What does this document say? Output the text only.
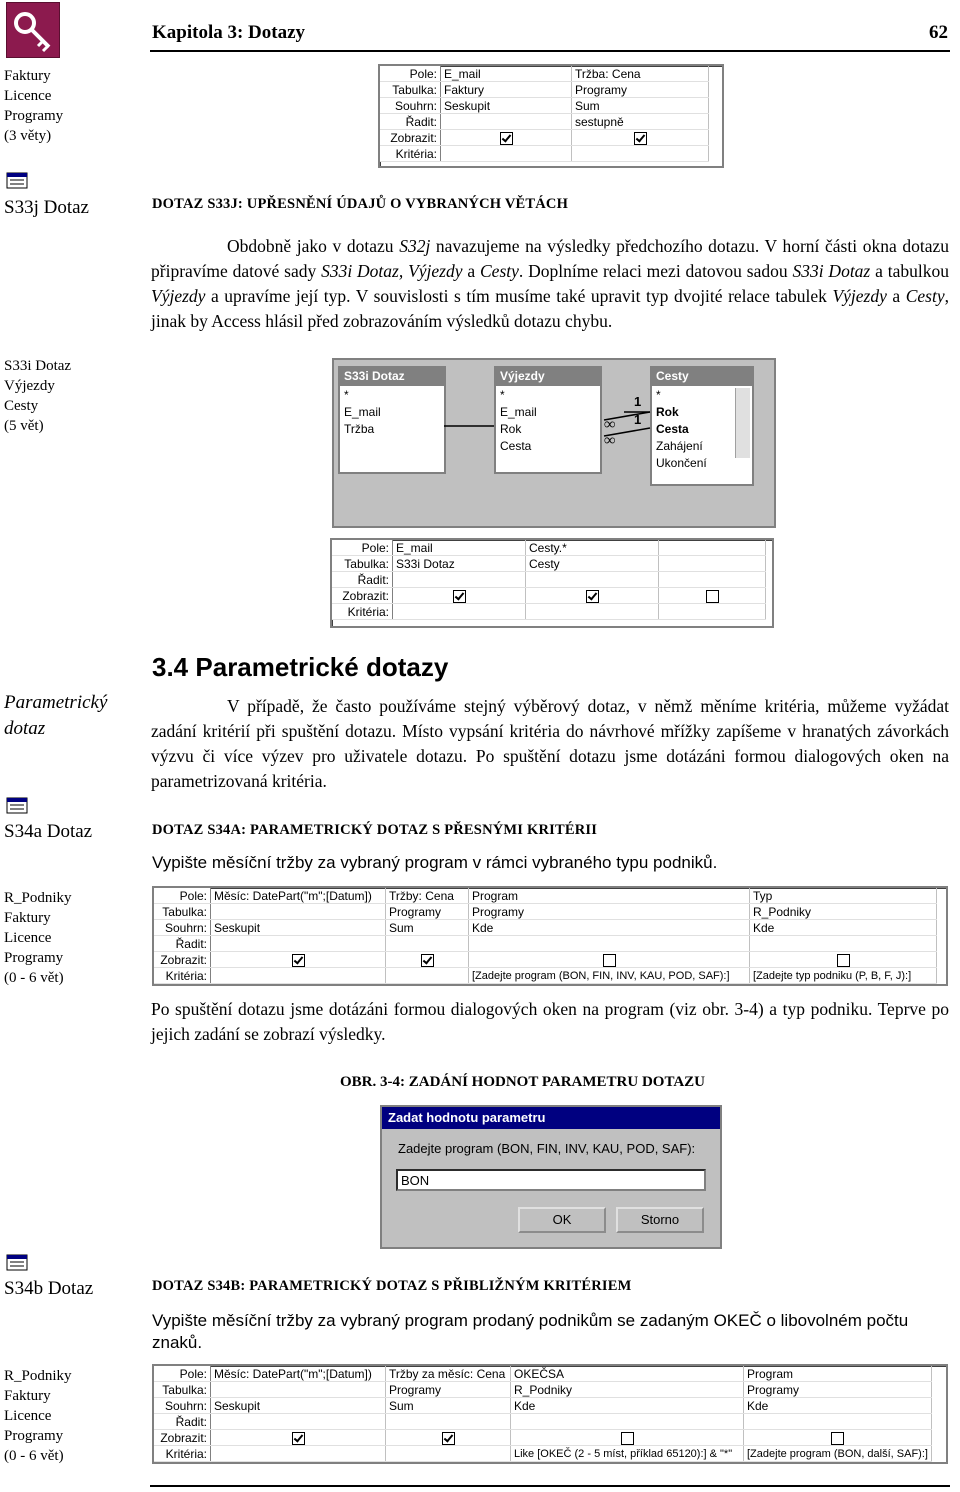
Kapitola 3: Dotazy	62
Faktury
Licence
Programy
(3 věty)
Pole:	E_mail	Tržba: Cena
Tabulka:	Faktury	Programy
Souhrn:	Seskupit	Sum
Řadit:		sestupně
Zobrazit:		
Kritéria:		
S33j Dotaz	DOTAZ S33J: UPŘESNĚNÍ ÚDAJŮ O VYBRANÝCH VĚTÁCH
Obdobně jako v dotazu S32j navazujeme na výsledky předchozího dotazu. V horní části okna dotazu připravíme datové sady S33i Dotaz, Výjezdy a Cesty. Doplníme relaci mezi datovou sadou S33i Dotaz a tabulkou Výjezdy a upravíme její typ. V souvislosti s tím musíme také upravit typ dvojité relace tabulek Výjezdy a Cesty, jinak by Access hlásil před zobrazováním výsledků dotazu chybu.
S33i Dotaz
Výjezdy
Cesty
(5 vět)
S33i Dotaz
*
E_mail
Tržba
Výjezdy
*
E_mail
Rok
Cesta
Cesty
*
Rok
Cesta
Zahájení
Ukončení
1
1
∞
∞
Pole:	E_mail	Cesty.*	
Tabulka:	S33i Dotaz	Cesty	
Řadit:			
Zobrazit:			
Kritéria:			
3.4 Parametrické dotazy
Parametrický dotaz
V případě, že často používáme stejný výběrový dotaz, v němž měníme kritéria, můžeme vyžádat zadání kritérií při spuštění dotazu. Místo vypsání kritéria do návrhové mřížky zapíšeme v hranatých závorkách výzvu či více výzev pro uživatele dotazu. Po spuštění dotazu jsme dotázáni formou dialogových oken na parametrizovaná kritéria.
S34a Dotaz	DOTAZ S34A: PARAMETRICKÝ DOTAZ S PŘESNÝMI KRITÉRII
Vypište měsíční tržby za vybraný program v rámci vybraného typu podniků.
R_Podniky
Faktury
Licence
Programy
(0 - 6 vět)
Pole:	Měsíc: DatePart("m";[Datum])	Tržby: Cena	Program	Typ
Tabulka:		Programy	Programy	R_Podniky
Souhrn:	Seskupit	Sum	Kde	Kde
Řadit:				
Zobrazit:				
Kritéria:			[Zadejte program (BON, FIN, INV, KAU, POD, SAF):]	[Zadejte typ podniku (P, B, F, J):]
Po spuštění dotazu jsme dotázáni formou dialogových oken na program (viz obr. 3-4) a typ podniku. Teprve po jejich zadání se zobrazí výsledky.
OBR. 3-4: ZADÁNÍ HODNOT PARAMETRU DOTAZU
Zadat hodnotu parametru
Zadejte program (BON, FIN, INV, KAU, POD, SAF):
BON
OK	Storno
S34b Dotaz	DOTAZ S34B: PARAMETRICKÝ DOTAZ S PŘIBLIŽNÝM KRITÉRIEM
Vypište měsíční tržby za vybraný program prodaný podnikům se zadaným OKEČ o libovolném počtu znaků.
R_Podniky
Faktury
Licence
Programy
(0 - 6 vět)
Pole:	Měsíc: DatePart("m";[Datum])	Tržby za měsíc: Cena	OKEČSA	Program
Tabulka:		Programy	R_Podniky	Programy
Souhrn:	Seskupit	Sum	Kde	Kde
Řadit:				
Zobrazit:				
Kritéria:			Like [OKEČ (2 - 5 míst, příklad 65120):] & "*"	[Zadejte program (BON, další, SAF):]
